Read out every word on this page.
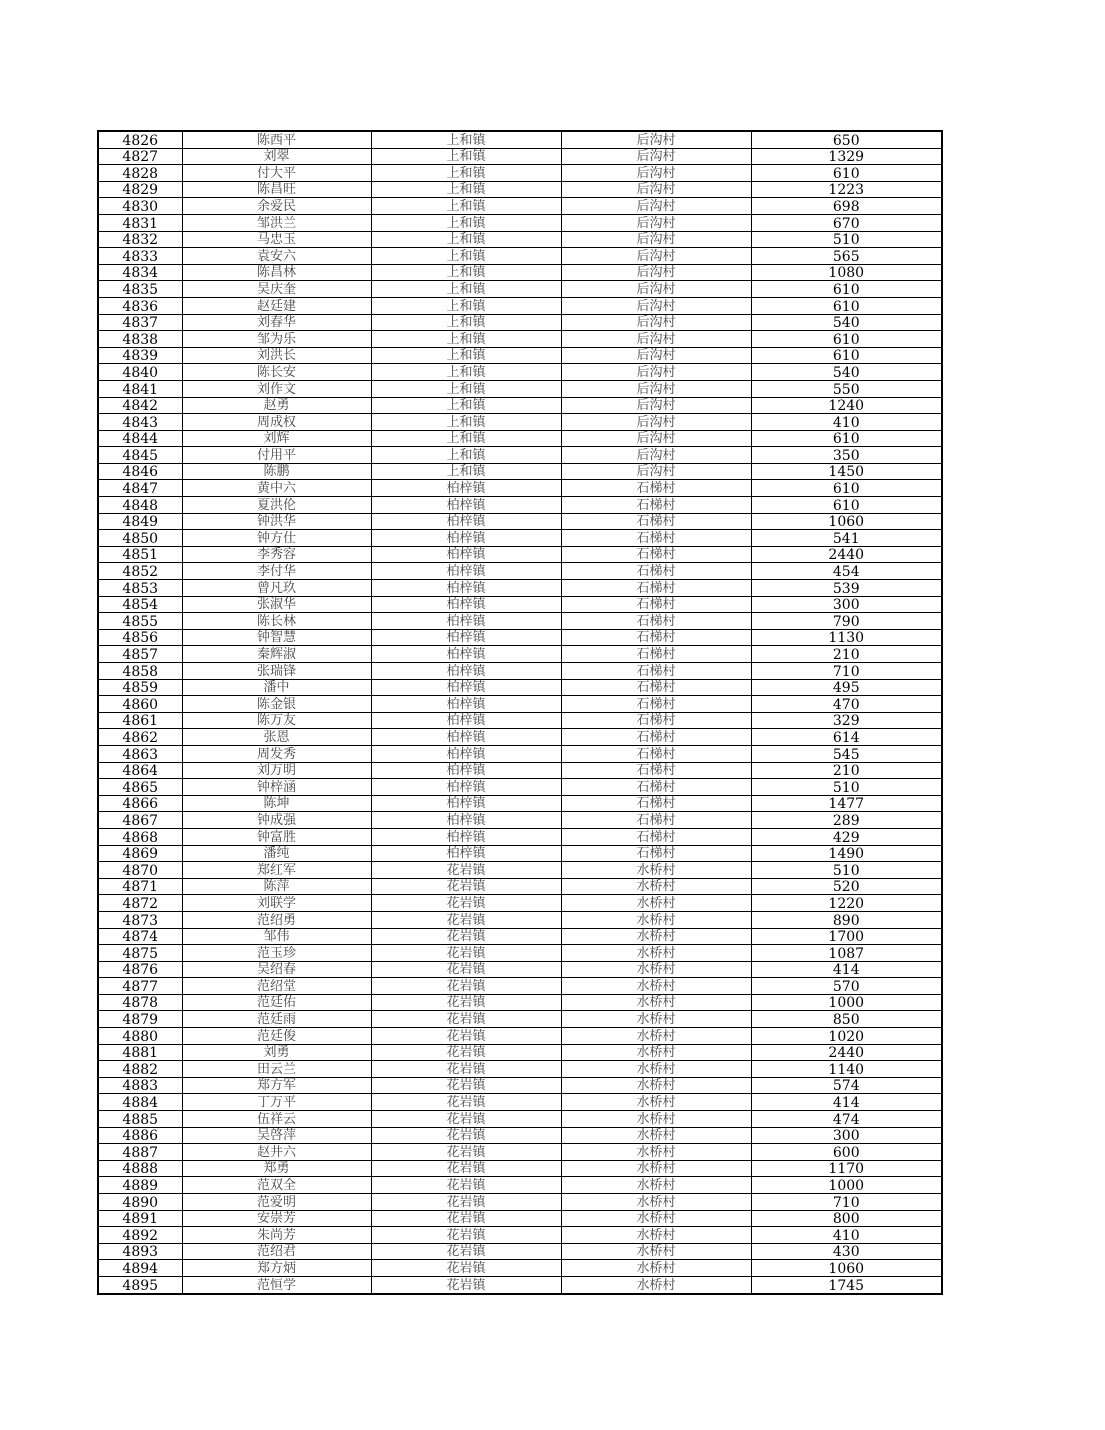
4826	陈西平	上和镇	后沟村	650
4827	刘翠	上和镇	后沟村	1329
4828	付大平	上和镇	后沟村	610
4829	陈昌旺	上和镇	后沟村	1223
4830	余爱民	上和镇	后沟村	698
4831	邹洪兰	上和镇	后沟村	670
4832	马忠玉	上和镇	后沟村	510
4833	袁安六	上和镇	后沟村	565
4834	陈昌林	上和镇	后沟村	1080
4835	吴庆奎	上和镇	后沟村	610
4836	赵廷建	上和镇	后沟村	610
4837	刘春华	上和镇	后沟村	540
4838	邹为乐	上和镇	后沟村	610
4839	刘洪长	上和镇	后沟村	610
4840	陈长安	上和镇	后沟村	540
4841	刘作文	上和镇	后沟村	550
4842	赵勇	上和镇	后沟村	1240
4843	周成权	上和镇	后沟村	410
4844	刘辉	上和镇	后沟村	610
4845	付用平	上和镇	后沟村	350
4846	陈鹏	上和镇	后沟村	1450
4847	黄中六	柏梓镇	石梯村	610
4848	夏洪伦	柏梓镇	石梯村	610
4849	钟洪华	柏梓镇	石梯村	1060
4850	钟方仕	柏梓镇	石梯村	541
4851	李秀容	柏梓镇	石梯村	2440
4852	李付华	柏梓镇	石梯村	454
4853	曾凡玖	柏梓镇	石梯村	539
4854	张淑华	柏梓镇	石梯村	300
4855	陈长林	柏梓镇	石梯村	790
4856	钟智慧	柏梓镇	石梯村	1130
4857	秦辉淑	柏梓镇	石梯村	210
4858	张瑞锋	柏梓镇	石梯村	710
4859	潘中	柏梓镇	石梯村	495
4860	陈金银	柏梓镇	石梯村	470
4861	陈万友	柏梓镇	石梯村	329
4862	张恩	柏梓镇	石梯村	614
4863	周发秀	柏梓镇	石梯村	545
4864	刘万明	柏梓镇	石梯村	210
4865	钟梓涵	柏梓镇	石梯村	510
4866	陈坤	柏梓镇	石梯村	1477
4867	钟成强	柏梓镇	石梯村	289
4868	钟富胜	柏梓镇	石梯村	429
4869	潘纯	柏梓镇	石梯村	1490
4870	郑红军	花岩镇	水桥村	510
4871	陈萍	花岩镇	水桥村	520
4872	刘联学	花岩镇	水桥村	1220
4873	范绍勇	花岩镇	水桥村	890
4874	邹伟	花岩镇	水桥村	1700
4875	范玉珍	花岩镇	水桥村	1087
4876	吴绍春	花岩镇	水桥村	414
4877	范绍堂	花岩镇	水桥村	570
4878	范廷佑	花岩镇	水桥村	1000
4879	范廷雨	花岩镇	水桥村	850
4880	范廷俊	花岩镇	水桥村	1020
4881	刘勇	花岩镇	水桥村	2440
4882	田云兰	花岩镇	水桥村	1140
4883	郑方军	花岩镇	水桥村	574
4884	丁万平	花岩镇	水桥村	414
4885	伍祥云	花岩镇	水桥村	474
4886	吴啓萍	花岩镇	水桥村	300
4887	赵井六	花岩镇	水桥村	600
4888	郑勇	花岩镇	水桥村	1170
4889	范双全	花岩镇	水桥村	1000
4890	范爱明	花岩镇	水桥村	710
4891	安崇芳	花岩镇	水桥村	800
4892	朱尚芳	花岩镇	水桥村	410
4893	范绍君	花岩镇	水桥村	430
4894	郑方炳	花岩镇	水桥村	1060
4895	范恒学	花岩镇	水桥村	1745
